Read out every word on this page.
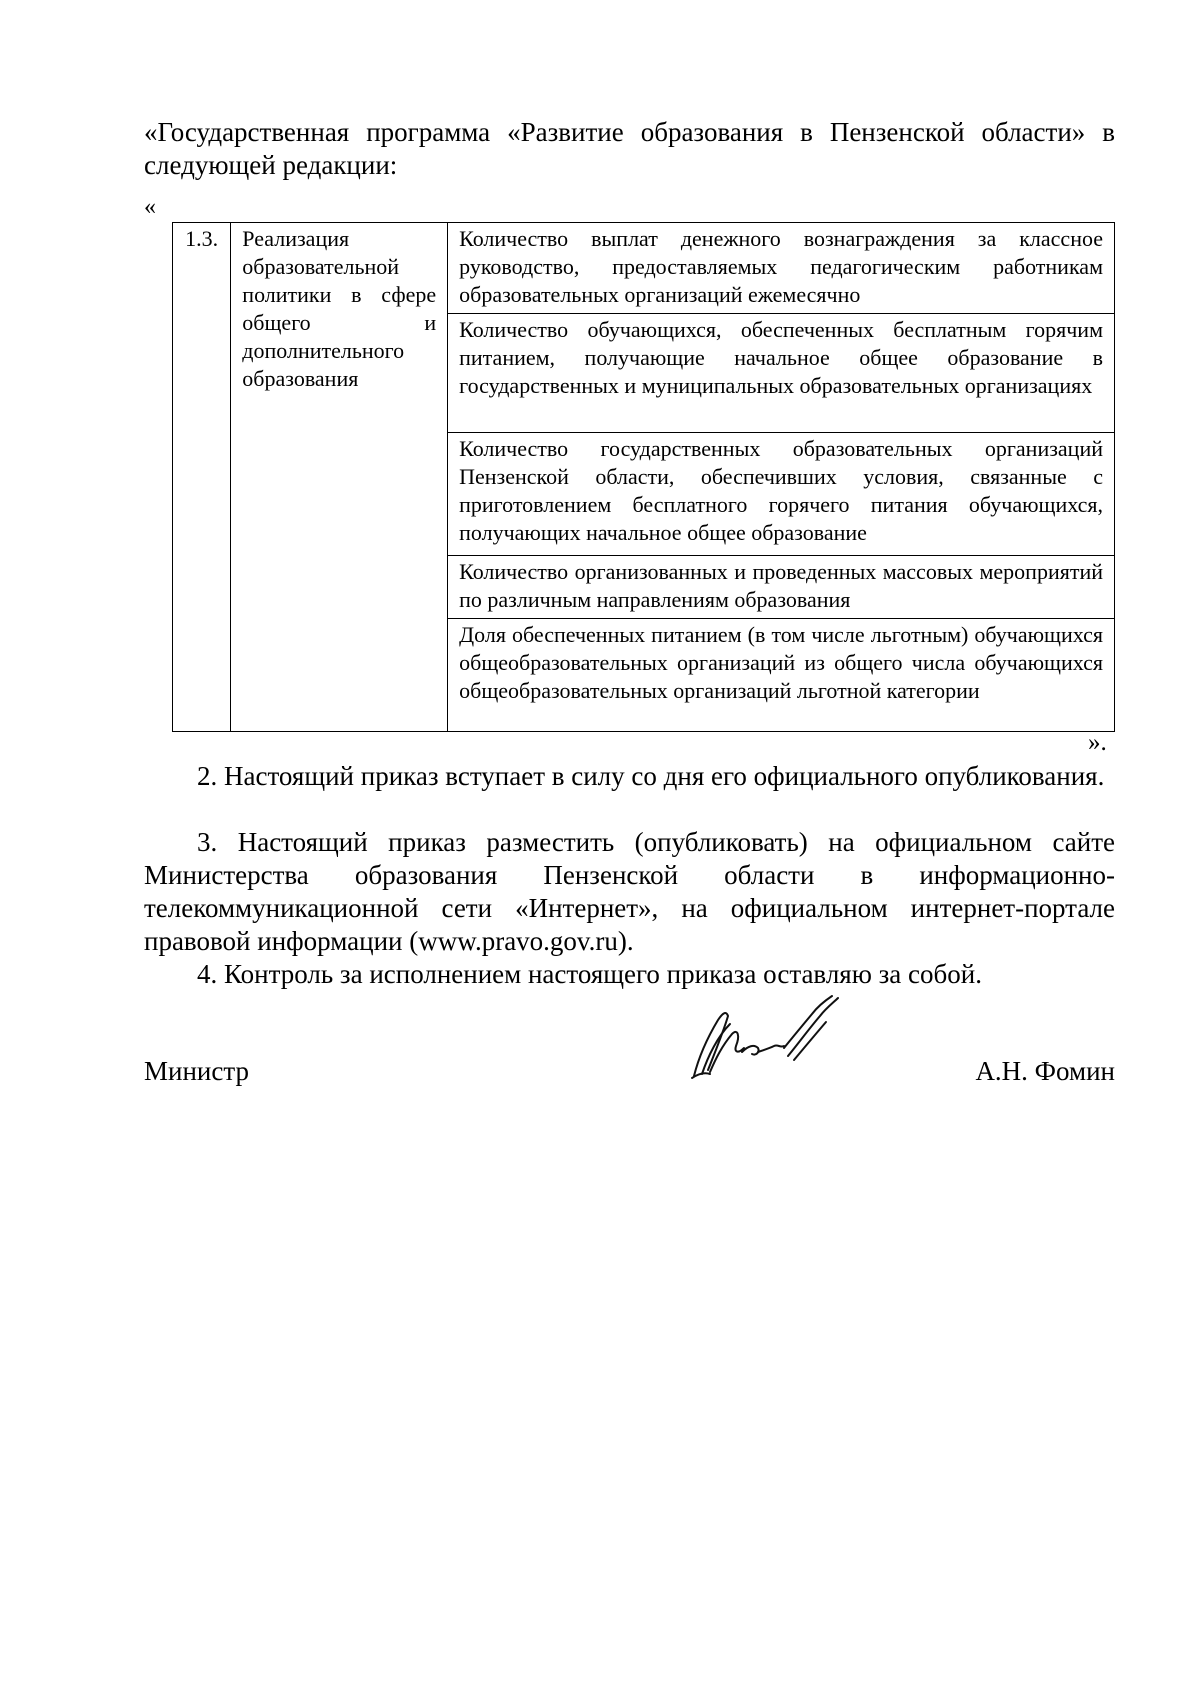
«Государственная программа «Развитие образования в Пензенской области» в следующей редакции:

«
1.3.	Реализация образовательной политики в сфере общего и дополнительного образования	Количество выплат денежного вознаграждения за классное руководство, предоставляемых педагогическим работникам образовательных организаций ежемесячно
Количество обучающихся, обеспеченных бесплатным горячим питанием, получающие начальное общее образование в государственных и муниципальных образовательных организациях
Количество государственных образовательных организаций Пензенской области, обеспечивших условия, связанные с приготовлением бесплатного горячего питания обучающихся, получающих начальное общее образование
Количество организованных и проведенных массовых мероприятий по различным направлениям образования
Доля обеспеченных питанием (в том числе льготным) обучающихся общеобразовательных организаций из общего числа обучающихся общеобразовательных организаций льготной категории
».

2. Настоящий приказ вступает в силу со дня его официального опубликования.

3. Настоящий приказ разместить (опубликовать) на официальном сайте Министерства образования Пензенской области в информационно-телекоммуникационной сети «Интернет», на официальном интернет-портале правовой информации (www.pravo.gov.ru).

4. Контроль за исполнением настоящего приказа оставляю за собой.

Министр	А.Н. Фомин
